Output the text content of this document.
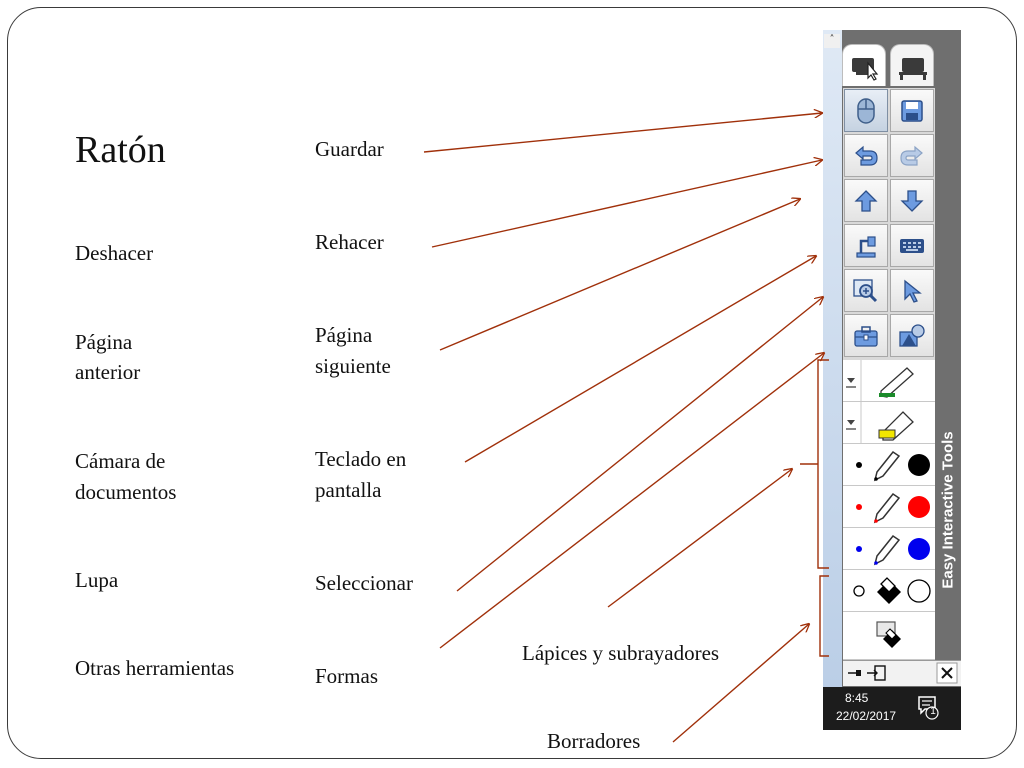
Ratón
Deshacer
Página
anterior
Cámara de
documentos
Lupa
Otras herramientas
Guardar
Rehacer
Página
siguiente
Teclado en
pantalla
Seleccionar
Formas
Lápices y subrayadores
Borradores
˄
Easy Interactive Tools
8:45
22/02/2017	1
